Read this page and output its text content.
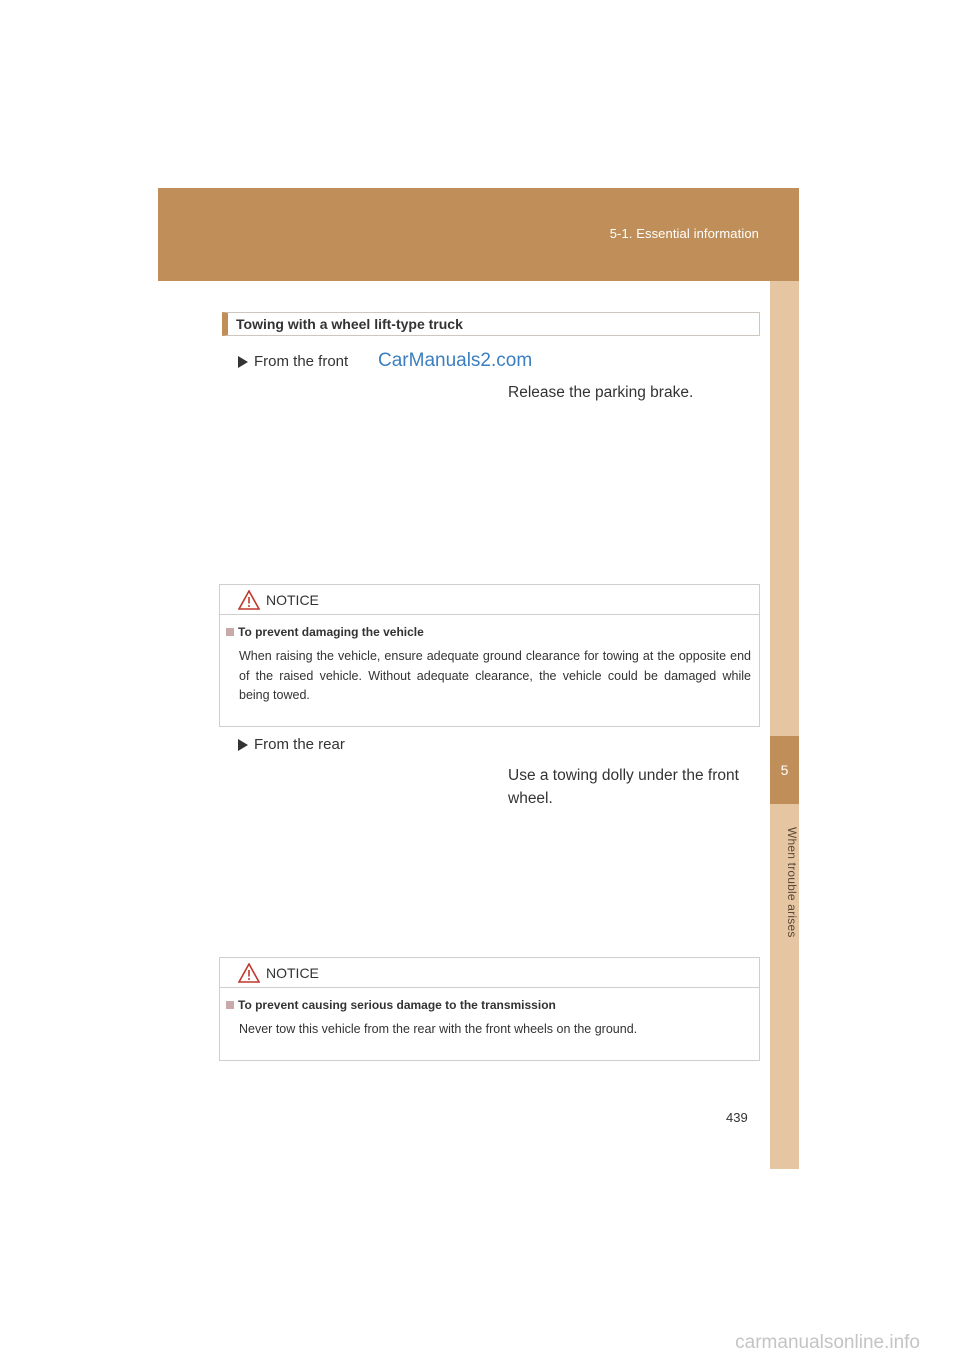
5-1. Essential information
5
When trouble arises
Towing with a wheel lift-type truck
From the front CarManuals2.com
Release the parking brake.
NOTICE
To prevent damaging the vehicle
When raising the vehicle, ensure adequate ground clearance for towing at the opposite end of the raised vehicle. Without adequate clearance, the vehicle could be damaged while being towed.
From the rear
Use a towing dolly under the front wheel.
NOTICE
To prevent causing serious damage to the transmission
Never tow this vehicle from the rear with the front wheels on the ground.
439
carmanualsonline.info
